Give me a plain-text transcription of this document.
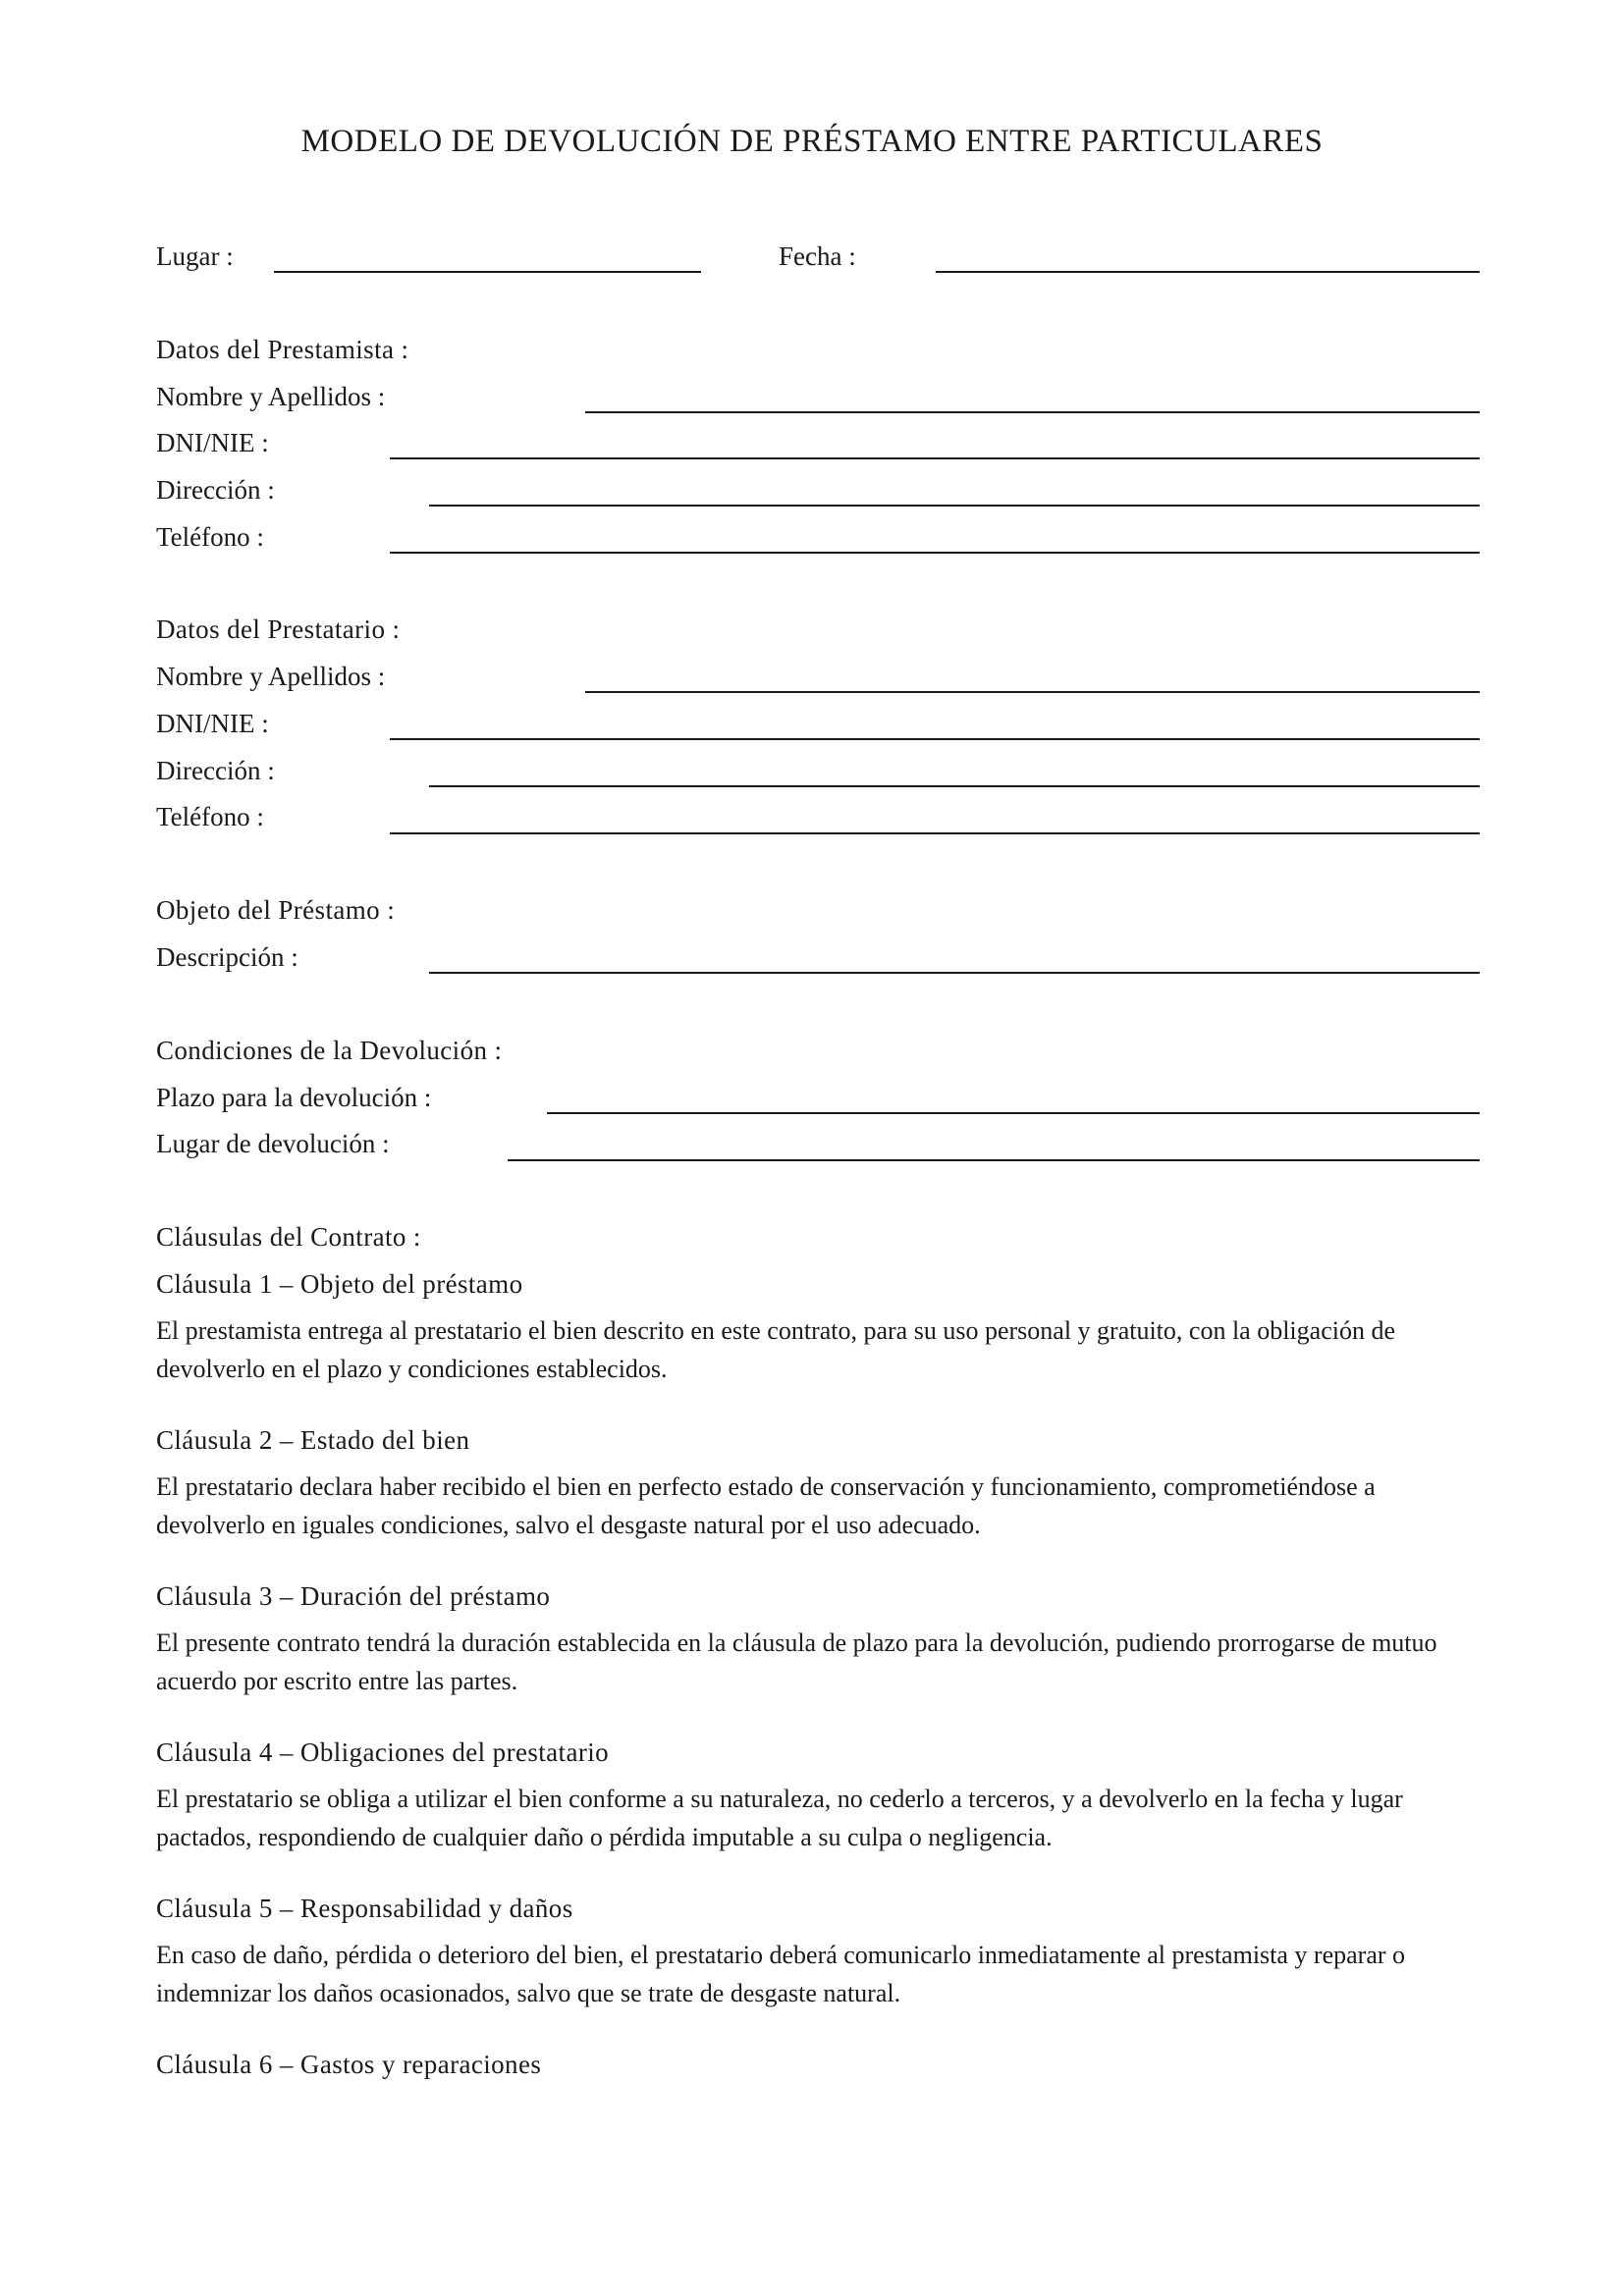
MODELO DE DEVOLUCIÓN DE PRÉSTAMO ENTRE PARTICULARES
Lugar :	Fecha :
Datos del Prestamista :
Nombre y Apellidos :
DNI/NIE :
Dirección :
Teléfono :
Datos del Prestatario :
Nombre y Apellidos :
DNI/NIE :
Dirección :
Teléfono :
Objeto del Préstamo :
Descripción :
Condiciones de la Devolución :
Plazo para la devolución :
Lugar de devolución :
Cláusulas del Contrato :
Cláusula 1 – Objeto del préstamo
El prestamista entrega al prestatario el bien descrito en este contrato, para su uso personal y gratuito, con la obligación de devolverlo en el plazo y condiciones establecidos.
Cláusula 2 – Estado del bien
El prestatario declara haber recibido el bien en perfecto estado de conservación y funcionamiento, comprometiéndose a devolverlo en iguales condiciones, salvo el desgaste natural por el uso adecuado.
Cláusula 3 – Duración del préstamo
El presente contrato tendrá la duración establecida en la cláusula de plazo para la devolución, pudiendo prorrogarse de mutuo acuerdo por escrito entre las partes.
Cláusula 4 – Obligaciones del prestatario
El prestatario se obliga a utilizar el bien conforme a su naturaleza, no cederlo a terceros, y a devolverlo en la fecha y lugar pactados, respondiendo de cualquier daño o pérdida imputable a su culpa o negligencia.
Cláusula 5 – Responsabilidad y daños
En caso de daño, pérdida o deterioro del bien, el prestatario deberá comunicarlo inmediatamente al prestamista y reparar o indemnizar los daños ocasionados, salvo que se trate de desgaste natural.
Cláusula 6 – Gastos y reparaciones
